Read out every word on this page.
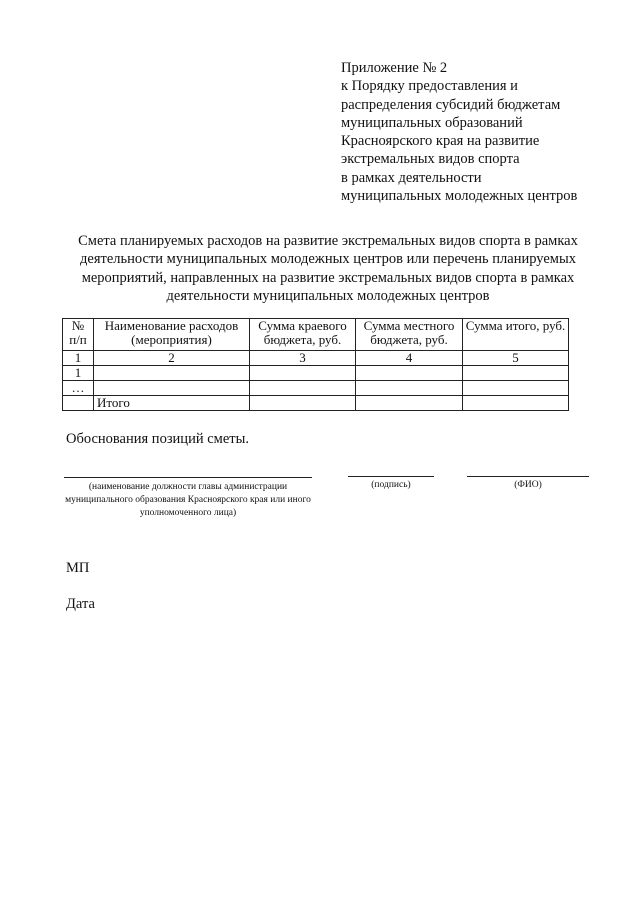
Приложение № 2
к Порядку предоставления и
распределения субсидий бюджетам
муниципальных образований
Красноярского края на развитие
экстремальных видов спорта
в рамках деятельности
муниципальных молодежных центров
Смета планируемых расходов на развитие экстремальных видов спорта в рамках
деятельности муниципальных молодежных центров или перечень планируемых
мероприятий, направленных на развитие экстремальных видов спорта в рамках
деятельности муниципальных молодежных центров
№ п/п	Наименование расходов (мероприятия)	Сумма краевого бюджета, руб.	Сумма местного бюджета, руб.	Сумма итого, руб.
1	2	3	4	5
1				
…				
	Итого			
Обоснования позиций сметы.
(наименование должности главы администрации муниципального образования Красноярского края или иного уполномоченного лица)
(подпись)	(ФИО)
МП
Дата
